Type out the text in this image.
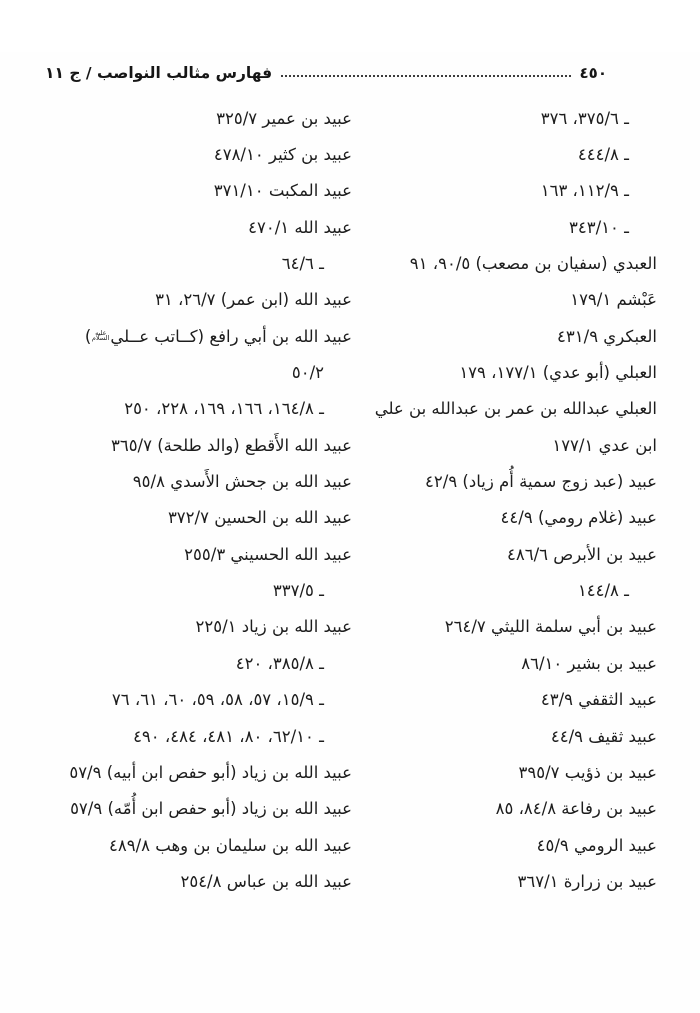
٤٥٠
فهارس مثالب النواصب / ج ١١
ـ ٣٧٥/٦، ٣٧٦
ـ ٤٤٤/٨
ـ ١١٢/٩، ١٦٣
ـ ٣٤٣/١٠
العبدي (سفيان بن مصعب) ٩٠/٥، ٩١
عَبْشم ١٧٩/١
العبكري ٤٣١/٩
العبلي (أبو عدي) ١٧٧/١، ١٧٩
العبلي عبدالله بن عمر بن عبدالله بن علي
ابن عدي ١٧٧/١
عبيد (عبد زوج سمية أُم زياد) ٤٢/٩
عبيد (غلام رومي) ٤٤/٩
عبيد بن الأبرص ٤٨٦/٦
ـ ١٤٤/٨
عبيد بن أبي سلمة الليثي ٢٦٤/٧
عبيد بن بشير ٨٦/١٠
عبيد الثقفي ٤٣/٩
عبيد ثقيف ٤٤/٩
عبيد بن ذؤيب ٣٩٥/٧
عبيد بن رفاعة ٨٤/٨، ٨٥
عبيد الرومي ٤٥/٩
عبيد بن زرارة ٣٦٧/١
عبيد بن عمير ٣٢٥/٧
عبيد بن كثير ٤٧٨/١٠
عبيد المكبت ٣٧١/١٠
عبيد الله ٤٧٠/١
ـ ٦٤/٦
عبيد الله (ابن عمر) ٢٦/٧، ٣١
عبيد الله بن أبي رافع (كــاتب عــلي
عليه السلام
)
٥٠/٢
ـ ١٦٤/٨، ١٦٦، ١٦٩، ٢٢٨، ٢٥٠
عبيد الله الأَقطع (والد طلحة) ٣٦٥/٧
عبيد الله بن جحش الأَسدي ٩٥/٨
عبيد الله بن الحسين ٣٧٢/٧
عبيد الله الحسيني ٢٥٥/٣
ـ ٣٣٧/٥
عبيد الله بن زياد ٢٢٥/١
ـ ٣٨٥/٨، ٤٢٠
ـ ١٥/٩، ٥٧، ٥٨، ٥٩، ٦٠، ٦١، ٧٦
ـ ٦٢/١٠، ٨٠، ٤٨١، ٤٨٤، ٤٩٠
عبيد الله بن زياد (أبو حفص ابن أبيه) ٥٧/٩
عبيد الله بن زياد (أبو حفص ابن أُمّه) ٥٧/٩
عبيد الله بن سليمان بن وهب ٤٨٩/٨
عبيد الله بن عباس ٢٥٤/٨
